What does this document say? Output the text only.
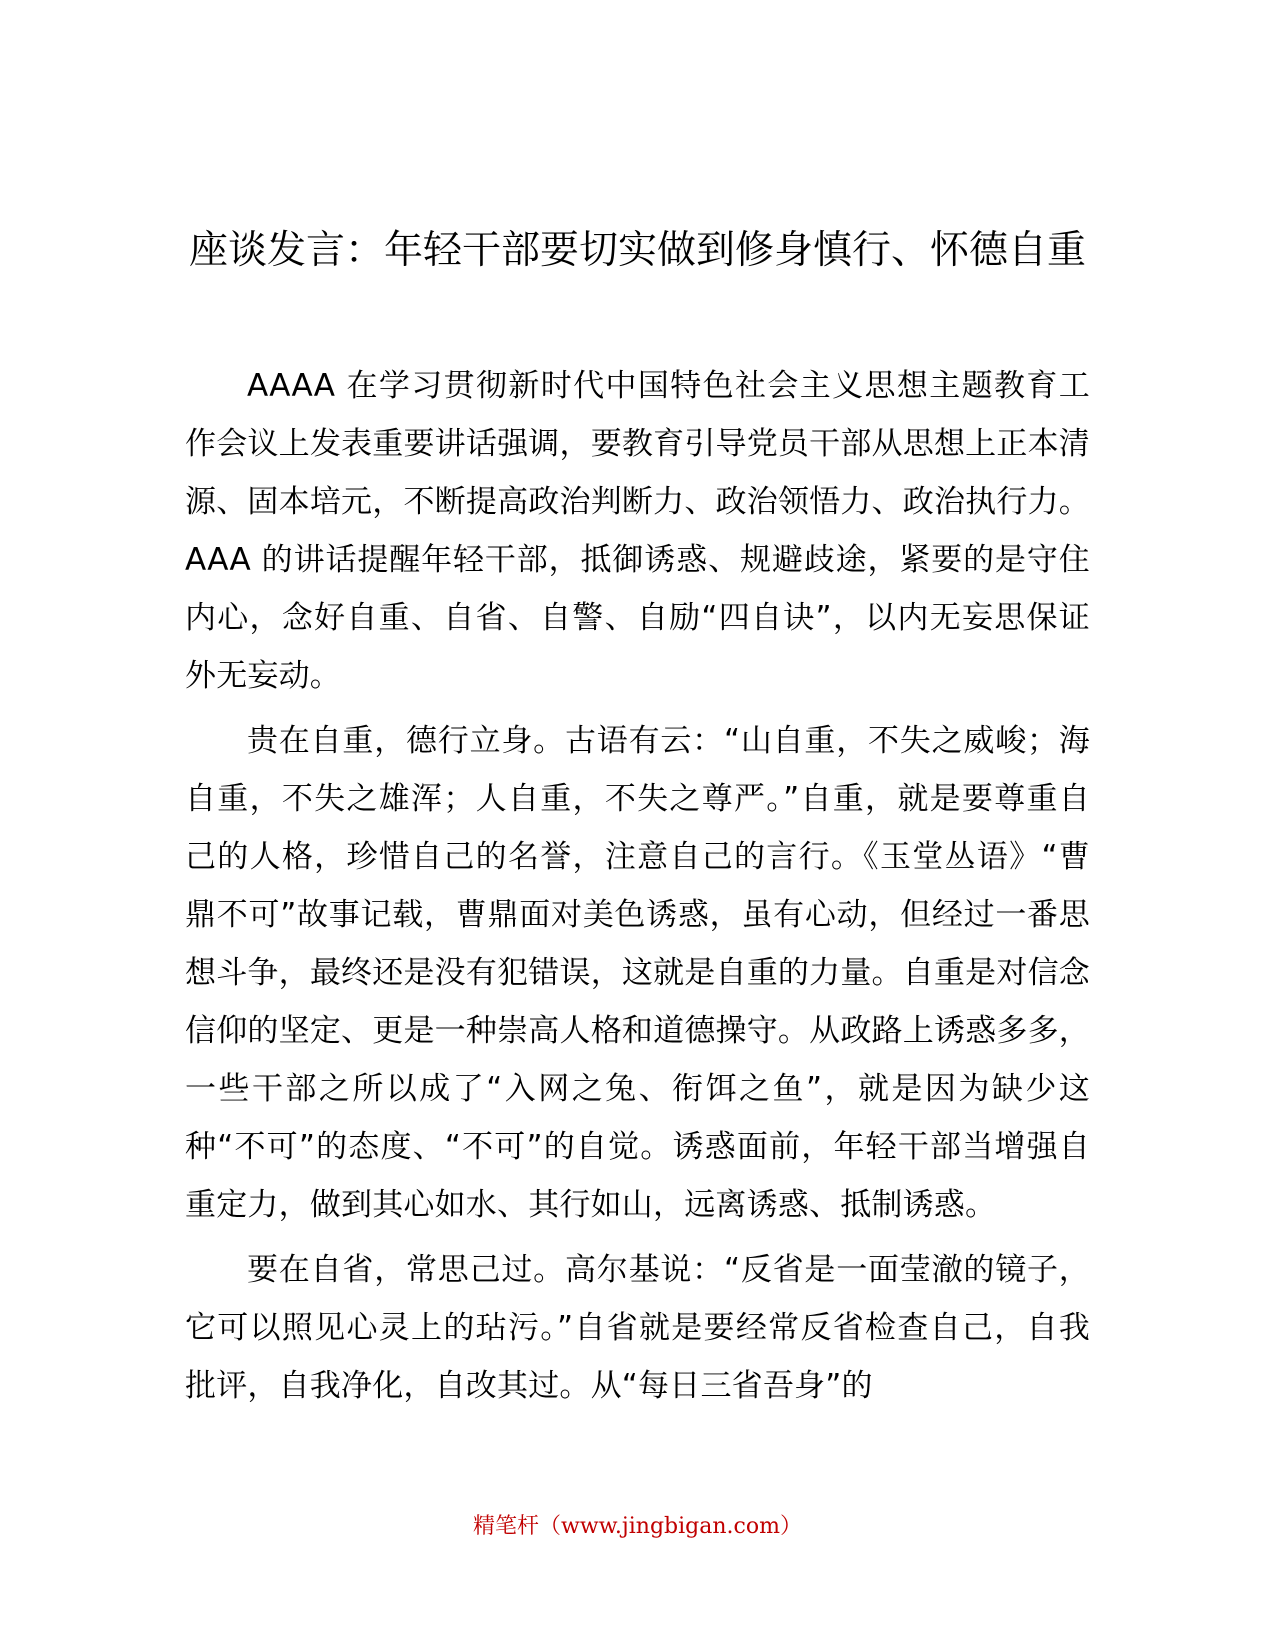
座谈发言：年轻干部要切实做到修身慎行、怀德自重

AAAA 在学习贯彻新时代中国特色社会主义思想主题教育工作会议上发表重要讲话强调，要教育引导党员干部从思想上正本清源、固本培元，不断提高政治判断力、政治领悟力、政治执行力。AAA 的讲话提醒年轻干部，抵御诱惑、规避歧途，紧要的是守住内心，念好自重、自省、自警、自励“四自诀”，以内无妄思保证外无妄动。

贵在自重，德行立身。古语有云：“山自重，不失之威峻；海自重，不失之雄浑；人自重，不失之尊严。”自重，就是要尊重自己的人格，珍惜自己的名誉，注意自己的言行。《玉堂丛语》“曹鼎不可”故事记载，曹鼎面对美色诱惑，虽有心动，但经过一番思想斗争，最终还是没有犯错误，这就是自重的力量。自重是对信念信仰的坚定、更是一种崇高人格和道德操守。从政路上诱惑多多，一些干部之所以成了“入网之兔、衔饵之鱼”，就是因为缺少这种“不可”的态度、“不可”的自觉。诱惑面前，年轻干部当增强自重定力，做到其心如水、其行如山，远离诱惑、抵制诱惑。

要在自省，常思己过。高尔基说：“反省是一面莹澈的镜子，它可以照见心灵上的玷污。”自省就是要经常反省检查自己，自我批评，自我净化，自改其过。从“每日三省吾身”的

精笔杆（www.jingbigan.com）
